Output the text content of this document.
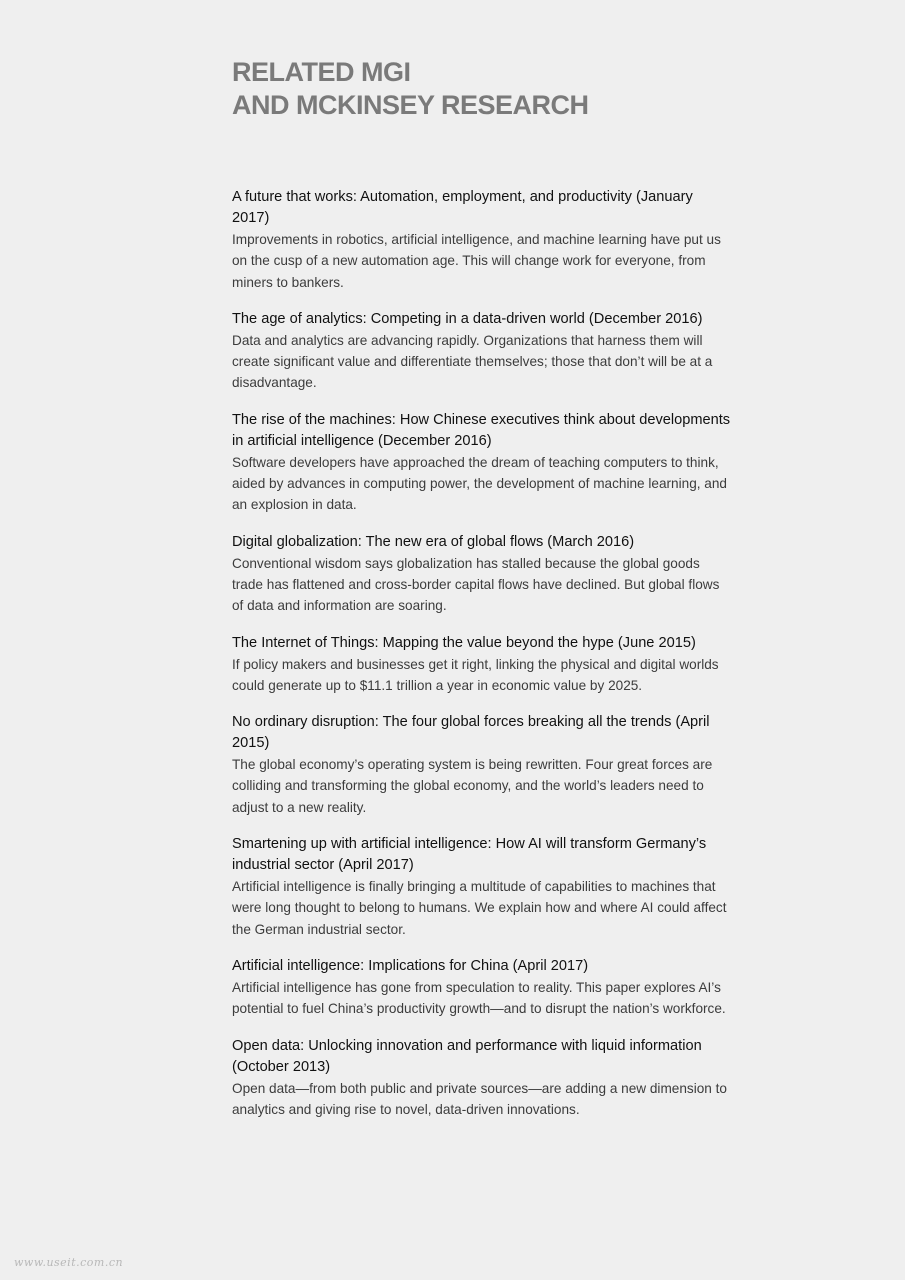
RELATED MGI
AND MCKINSEY RESEARCH

A future that works: Automation, employment, and productivity (January 2017)

Improvements in robotics, artificial intelligence, and machine learning have put us on the cusp of a new automation age. This will change work for everyone, from miners to bankers.

The age of analytics: Competing in a data-driven world (December 2016)

Data and analytics are advancing rapidly. Organizations that harness them will create significant value and differentiate themselves; those that don’t will be at a disadvantage.

The rise of the machines: How Chinese executives think about developments in artificial intelligence (December 2016)

Software developers have approached the dream of teaching computers to think, aided by advances in computing power, the development of machine learning, and an explosion in data.

Digital globalization: The new era of global flows (March 2016)

Conventional wisdom says globalization has stalled because the global goods trade has flattened and cross-border capital flows have declined. But global flows of data and information are soaring.

The Internet of Things: Mapping the value beyond the hype (June 2015)

If policy makers and businesses get it right, linking the physical and digital worlds could generate up to $11.1 trillion a year in economic value by 2025.

No ordinary disruption: The four global forces breaking all the trends (April 2015)

The global economy’s operating system is being rewritten. Four great forces are colliding and transforming the global economy, and the world’s leaders need to adjust to a new reality.

Smartening up with artificial intelligence: How AI will transform Germany’s industrial sector (April 2017)

Artificial intelligence is finally bringing a multitude of capabilities to machines that were long thought to belong to humans. We explain how and where AI could affect the German industrial sector.

Artificial intelligence: Implications for China (April 2017)

Artificial intelligence has gone from speculation to reality. This paper explores AI’s potential to fuel China’s productivity growth—and to disrupt the nation’s workforce.

Open data: Unlocking innovation and performance with liquid information (October 2013)

Open data—from both public and private sources—are adding a new dimension to analytics and giving rise to novel, data-driven innovations.

www.useit.com.cn
